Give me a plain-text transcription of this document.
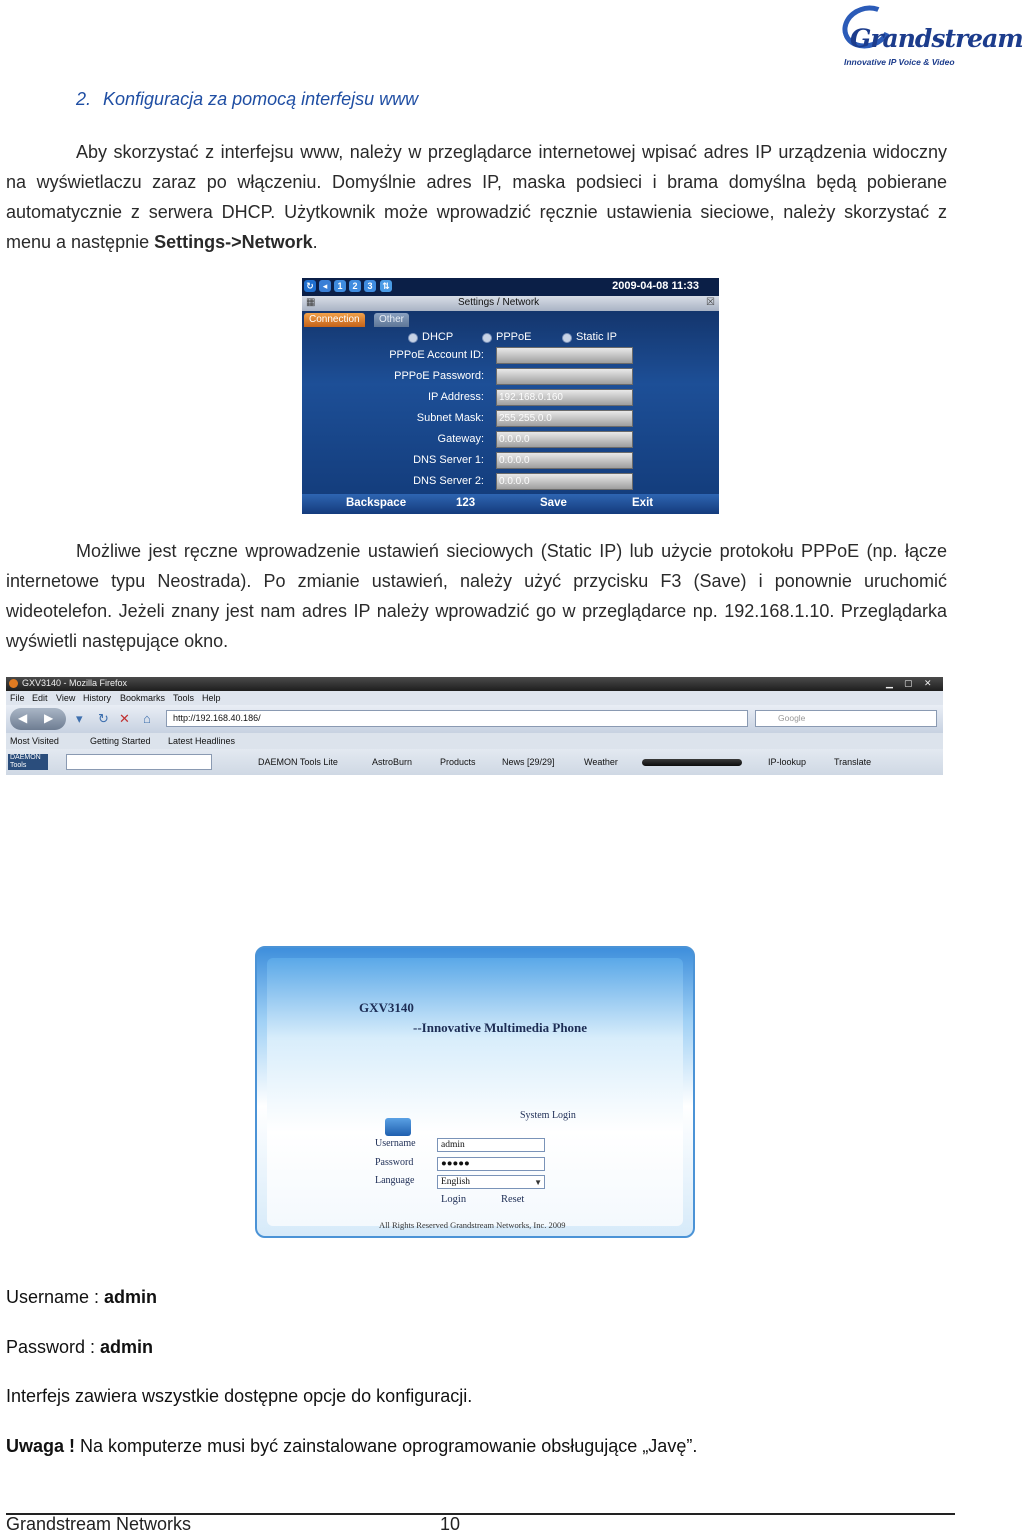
Grandstream
Innovative IP Voice & Video
2. Konfiguracja za pomocą interfejsu www
Aby skorzystać z interfejsu www, należy w przeglądarce internetowej wpisać adres IP urządzenia widoczny na wyświetlaczu zaraz po włączeniu. Domyślnie adres IP, maska podsieci i brama domyślna będą pobierane automatycznie z serwera DHCP. Użytkownik może wprowadzić ręcznie ustawienia sieciowe, należy skorzystać z menu a następnie Settings->Network.
↻ ◂	1	2	3	⇅	2009-04-08 11:33
▦	Settings / Network	☒
Connection	Other
DHCP	PPPoE	Static IP
PPPoE Account ID:
PPPoE Password:
IP Address:	192.168.0.160
Subnet Mask:	255.255.0.0
Gateway:	0.0.0.0
DNS Server 1:	0.0.0.0
DNS Server 2:	0.0.0.0
Backspace	123	Save	Exit
Możliwe jest ręczne wprowadzenie ustawień sieciowych (Static IP) lub użycie protokołu PPPoE (np. łącze internetowe typu Neostrada). Po zmianie ustawień, należy użyć przycisku F3 (Save) i ponownie uruchomić wideotelefon. Jeżeli znany jest nam adres IP należy wprowadzić go w przeglądarce np. 192.168.1.10. Przeglądarka wyświetli następujące okno.
GXV3140 - Mozilla Firefox	▁ ▢ ✕
File Edit View History Bookmarks Tools Help
◀ ▶ ▾ ↻ ✕ ⌂	http://192.168.40.186/	Google
Most Visited	Getting Started Latest Headlines
DAEMON Tools	DAEMON Tools Lite	AstroBurn	Products	News [29/29]	Weather	IP-lookup	Translate
GXV3140
--Innovative Multimedia Phone
System Login
Username	admin
Password	●●●●●
Language	English	▼
Login	Reset
All Rights Reserved Grandstream Networks, Inc. 2009
Username : admin
Password : admin
Interfejs zawiera wszystkie dostępne opcje do konfiguracji.
Uwaga ! Na komputerze musi być zainstalowane oprogramowanie obsługujące „Javę”.
Grandstream Networks	10
